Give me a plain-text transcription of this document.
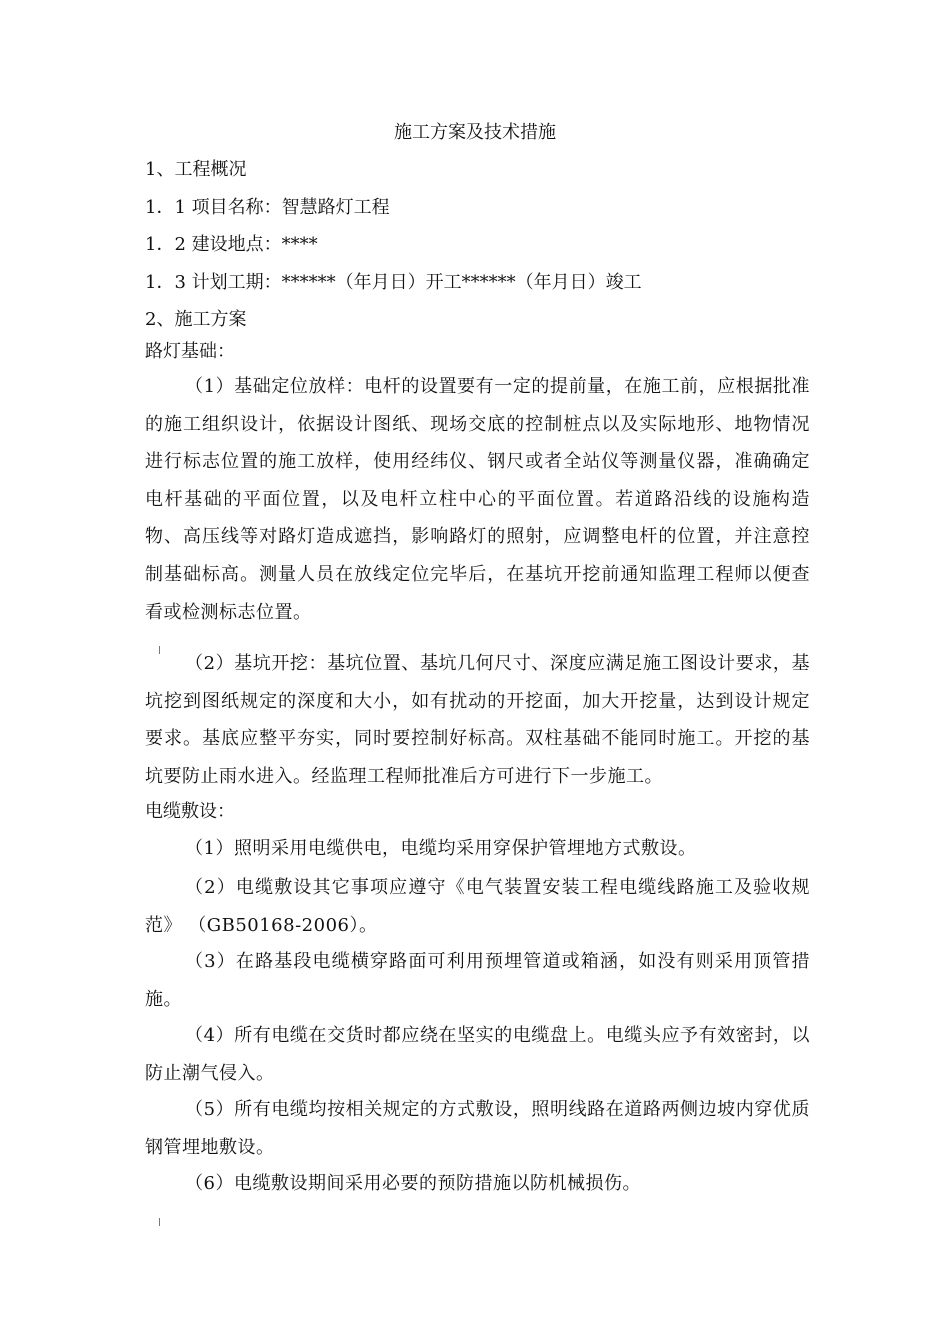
施工方案及技术措施
1、工程概况
1．1 项目名称：智慧路灯工程
1．2 建设地点：****
1．3 计划工期：******（年月日）开工******（年月日）竣工
2、施工方案
路灯基础：
（1）基础定位放样：电杆的设置要有一定的提前量，在施工前，应根据批准的施工组织设计，依据设计图纸、现场交底的控制桩点以及实际地形、地物情况进行标志位置的施工放样，使用经纬仪、钢尺或者全站仪等测量仪器，准确确定电杆基础的平面位置，以及电杆立柱中心的平面位置。若道路沿线的设施构造物、高压线等对路灯造成遮挡，影响路灯的照射，应调整电杆的位置，并注意控制基础标高。测量人员在放线定位完毕后，在基坑开挖前通知监理工程师以便查看或检测标志位置。
（2）基坑开挖：基坑位置、基坑几何尺寸、深度应满足施工图设计要求，基坑挖到图纸规定的深度和大小，如有扰动的开挖面，加大开挖量，达到设计规定要求。基底应整平夯实，同时要控制好标高。双柱基础不能同时施工。开挖的基坑要防止雨水进入。经监理工程师批准后方可进行下一步施工。
电缆敷设：
（1）照明采用电缆供电，电缆均采用穿保护管埋地方式敷设。
（2）电缆敷设其它事项应遵守《电气装置安装工程电缆线路施工及验收规范》 （GB50168-2006）。
（3）在路基段电缆横穿路面可利用预埋管道或箱涵，如没有则采用顶管措施。
（4）所有电缆在交货时都应绕在坚实的电缆盘上。电缆头应予有效密封，以防止潮气侵入。
（5）所有电缆均按相关规定的方式敷设，照明线路在道路两侧边坡内穿优质钢管埋地敷设。
（6）电缆敷设期间采用必要的预防措施以防机械损伤。
